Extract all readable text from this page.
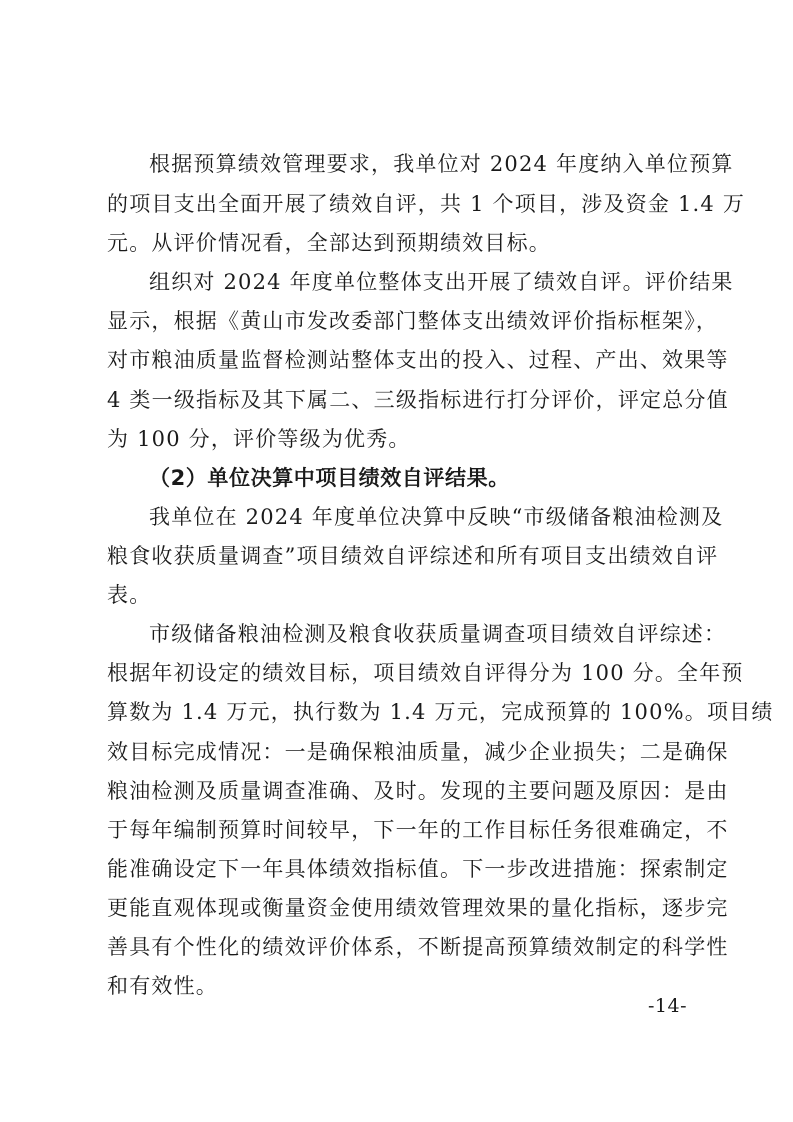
根据预算绩效管理要求，我单位对 2024 年度纳入单位预算

的项目支出全面开展了绩效自评，共 1 个项目，涉及资金 1.4 万

元。从评价情况看，全部达到预期绩效目标。

组织对 2024 年度单位整体支出开展了绩效自评。评价结果

显示，根据《黄山市发改委部门整体支出绩效评价指标框架》，

对市粮油质量监督检测站整体支出的投入、过程、产出、效果等

4 类一级指标及其下属二、三级指标进行打分评价，评定总分值

为 100 分，评价等级为优秀。

（2）单位决算中项目绩效自评结果。

我单位在 2024 年度单位决算中反映“市级储备粮油检测及

粮食收获质量调查”项目绩效自评综述和所有项目支出绩效自评

表。

市级储备粮油检测及粮食收获质量调查项目绩效自评综述：

根据年初设定的绩效目标，项目绩效自评得分为 100 分。全年预

算数为 1.4 万元，执行数为 1.4 万元，完成预算的 100%。项目绩

效目标完成情况：一是确保粮油质量，减少企业损失；二是确保

粮油检测及质量调查准确、及时。发现的主要问题及原因：是由

于每年编制预算时间较早，下一年的工作目标任务很难确定，不

能准确设定下一年具体绩效指标值。下一步改进措施：探索制定

更能直观体现或衡量资金使用绩效管理效果的量化指标，逐步完

善具有个性化的绩效评价体系，不断提高预算绩效制定的科学性

和有效性。

-14-
